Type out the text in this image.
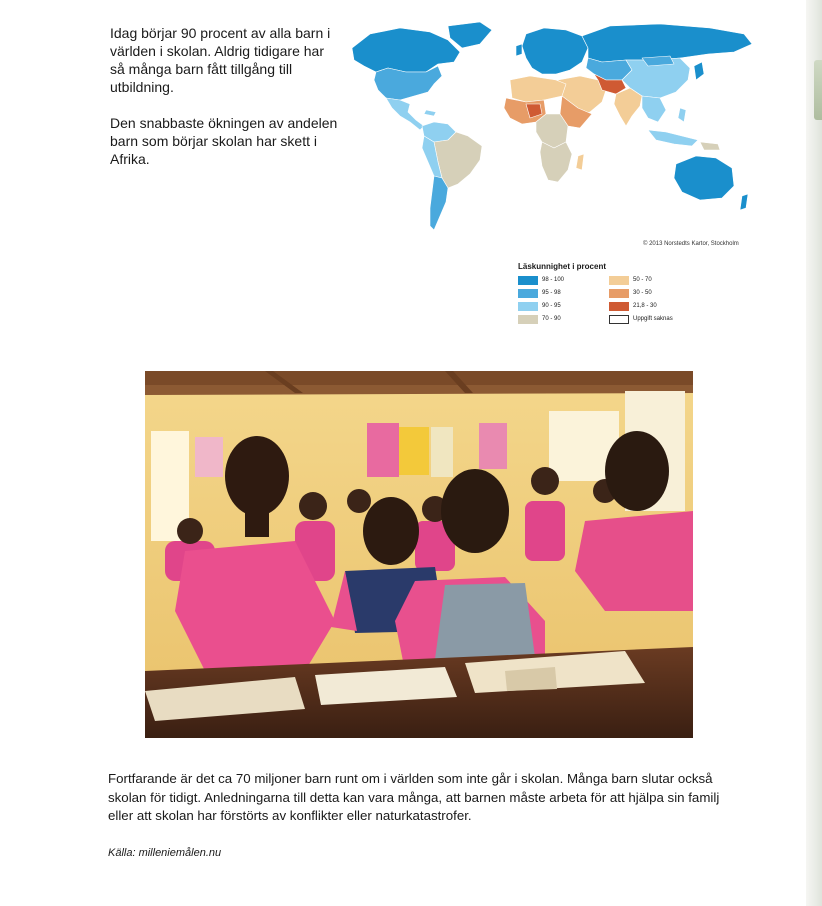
Idag börjar 90 procent av alla barn i världen i skolan. Aldrig tidigare har så många barn fått tillgång till utbildning.

Den snabbaste ökningen av andelen barn som börjar skolan har skett i Afrika.

© 2013 Norstedts Kartor, Stockholm
Läskunnighet i procent
98 - 100
95 - 98
90 - 95
70 - 90
50 - 70
30 - 50
21,8 - 30
Uppgift saknas
Fortfarande är det ca 70 miljoner barn runt om i världen som inte går i skolan. Många barn slutar också skolan för tidigt. Anledningarna till detta kan vara många, att barnen måste arbeta för att hjälpa sin familj eller att skolan har förstörts av konflikter eller naturkatastrofer.
Källa: milleniemålen.nu
